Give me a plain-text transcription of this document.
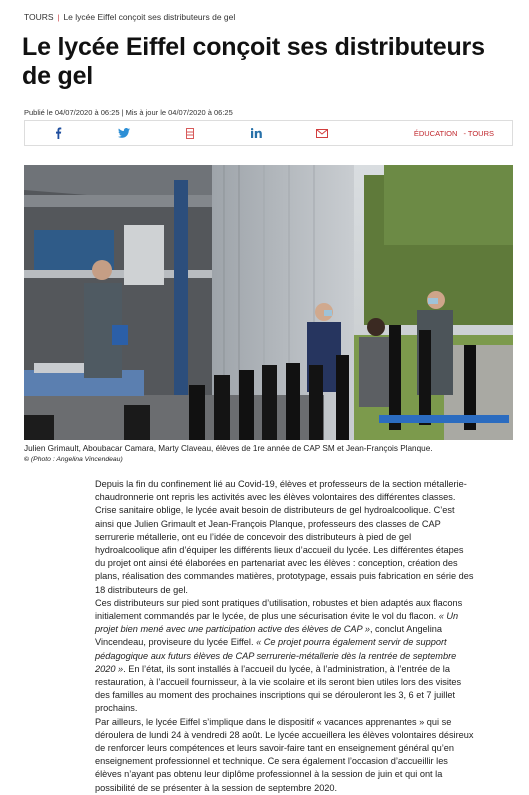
TOURS | Le lycée Eiffel conçoit ses distributeurs de gel
Le lycée Eiffel conçoit ses distributeurs de gel
Publié le 04/07/2020 à 06:25 | Mis à jour le 04/07/2020 à 06:25
ÉDUCATION - TOURS
Julien Grimault, Aboubacar Camara, Marty Claveau, élèves de 1re année de CAP SM et Jean-François Planque.
© (Photo : Angelina Vincendeau)

Depuis la fin du confinement lié au Covid-19, élèves et professeurs de la section métallerie-chaudronnerie ont repris les activités avec les élèves volontaires des différentes classes. Crise sanitaire oblige, le lycée avait besoin de distributeurs de gel hydroalcoolique. C’est ainsi que Julien Grimault et Jean-François Planque, professeurs des classes de CAP serrurerie métallerie, ont eu l’idée de concevoir des distributeurs à pied de gel hydroalcoolique afin d’équiper les différents lieux d’accueil du lycée. Les différentes étapes du projet ont ainsi été élaborées en partenariat avec les élèves : conception, création des plans, réalisation des commandes matières, prototypage, essais puis fabrication en série des 18 distributeurs de gel.

Ces distributeurs sur pied sont pratiques d’utilisation, robustes et bien adaptés aux flacons initialement commandés par le lycée, de plus une sécurisation évite le vol du flacon. « Un projet bien mené avec une participation active des élèves de CAP », conclut Angelina Vincendeau, proviseure du lycée Eiffel. « Ce projet pourra également servir de support pédagogique aux futurs élèves de CAP serrurerie-métallerie dès la rentrée de septembre 2020 ». En l’état, ils sont installés à l’accueil du lycée, à l’administration, à l’entrée de la restauration, à l’accueil fournisseur, à la vie scolaire et ils seront bien utiles lors des visites des familles au moment des prochaines inscriptions qui se dérouleront les 3, 6 et 7 juillet prochains.

Par ailleurs, le lycée Eiffel s’implique dans le dispositif « vacances apprenantes » qui se déroulera de lundi 24 à vendredi 28 août. Le lycée accueillera les élèves volontaires désireux de renforcer leurs compétences et leurs savoir-faire tant en enseignement général qu’en enseignement professionnel et technique. Ce sera également l’occasion d’accueillir les élèves n’ayant pas obtenu leur diplôme professionnel à la session de juin et qui ont la possibilité de se présenter à la session de septembre 2020.
